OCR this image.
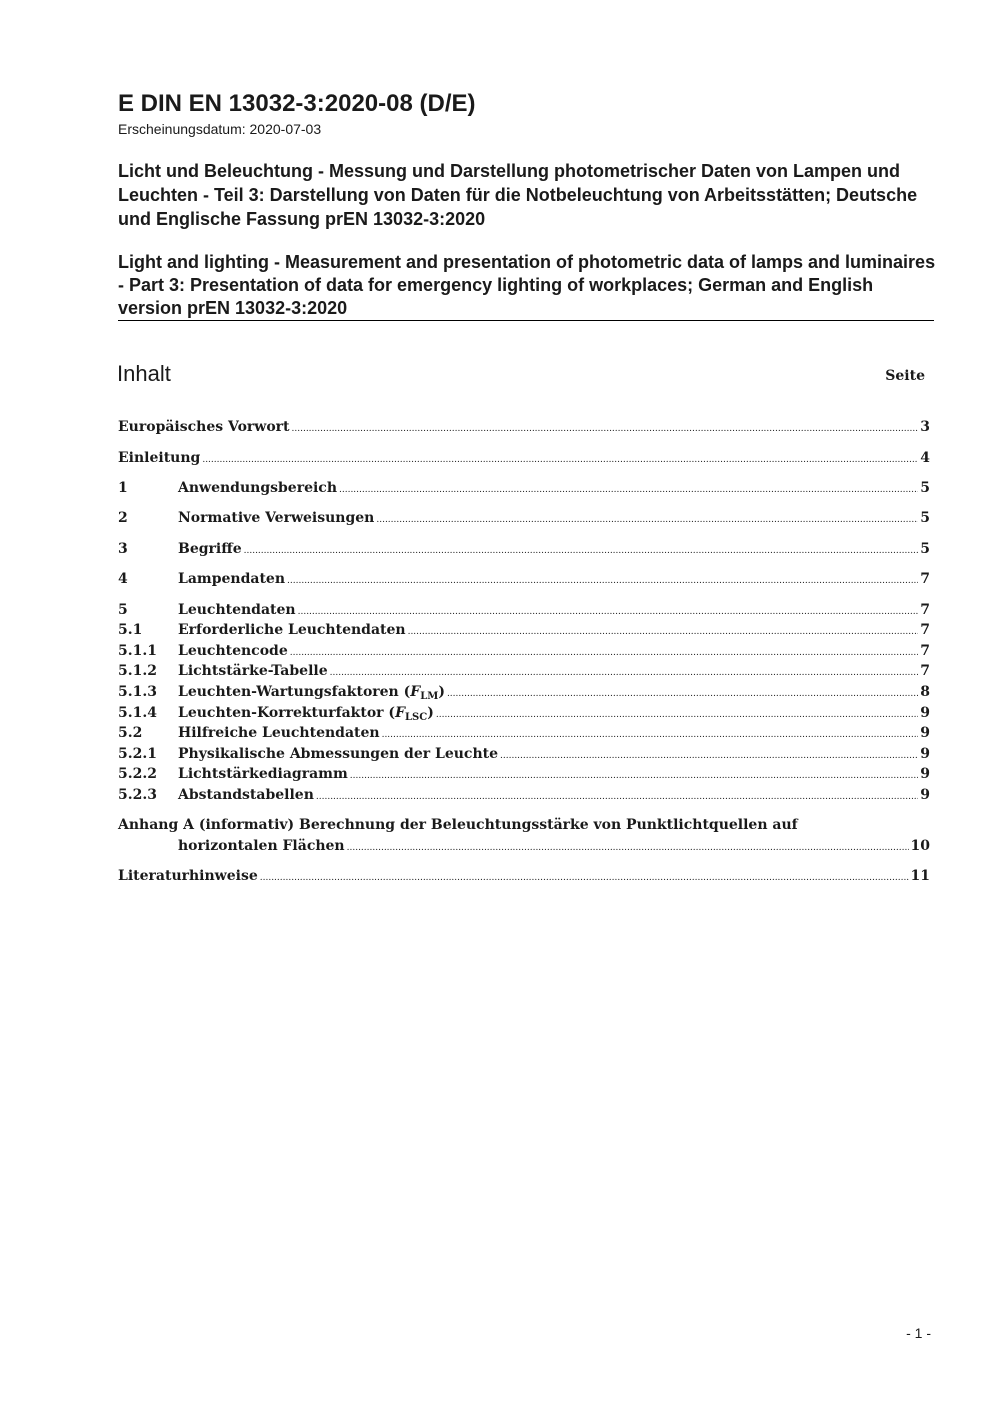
E DIN EN 13032-3:2020-08 (D/E)
Erscheinungsdatum: 2020-07-03
Licht und Beleuchtung - Messung und Darstellung photometrischer Daten von Lampen und Leuchten - Teil 3: Darstellung von Daten für die Notbeleuchtung von Arbeitsstätten; Deutsche und Englische Fassung prEN 13032-3:2020
Light and lighting - Measurement and presentation of photometric data of lamps and luminaires - Part 3: Presentation of data for emergency lighting of workplaces; German and English version prEN 13032-3:2020
Inhalt	Seite
Europäisches Vorwort .....	3
Einleitung .....	4
1	Anwendungsbereich .....	5
2	Normative Verweisungen .....	5
3	Begriffe .....	5
4	Lampendaten .....	7
5	Leuchtendaten .....	7
5.1	Erforderliche Leuchtendaten .....	7
5.1.1	Leuchtencode .....	7
5.1.2	Lichtstärke-Tabelle .....	7
5.1.3	Leuchten-Wartungsfaktoren $(F_{LM})$ .....	8
5.1.4	Leuchten-Korrekturfaktor $(F_{LSC})$ .....	9
5.2	Hilfreiche Leuchtendaten .....	9
5.2.1	Physikalische Abmessungen der Leuchte .....	9
5.2.2	Lichtstärkediagramm .....	9
5.2.3	Abstandstabellen .....	9
Anhang A (informativ) Berechnung der Beleuchtungsstärke von Punktlichtquellen auf
horizontalen Flächen .....	10
Literaturhinweise .....	11
- 1 -
